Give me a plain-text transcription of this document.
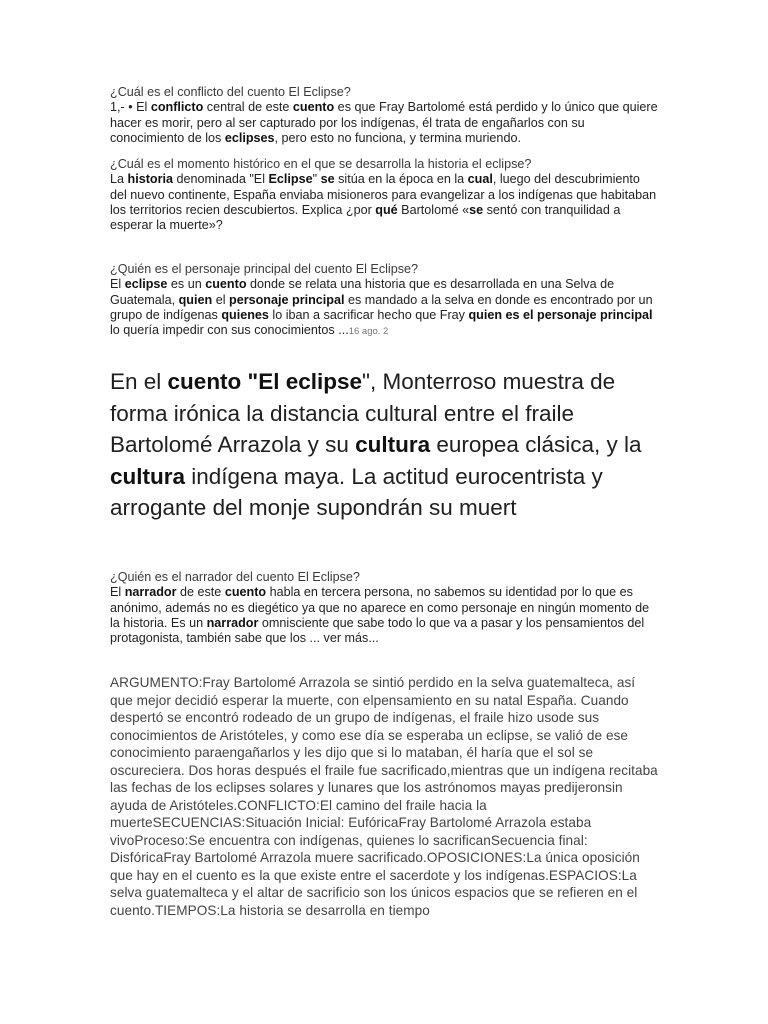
¿Cuál es el conflicto del cuento El Eclipse?
1,- • El conflicto central de este cuento es que Fray Bartolomé está perdido y lo único que quiere hacer es morir, pero al ser capturado por los indígenas, él trata de engañarlos con su conocimiento de los eclipses, pero esto no funciona, y termina muriendo.
¿Cuál es el momento histórico en el que se desarrolla la historia el eclipse?
La historia denominada "El Eclipse" se sitúa en la época en la cual, luego del descubrimiento del nuevo continente, España enviaba misioneros para evangelizar a los indígenas que habitaban los territorios recien descubiertos. Explica ¿por qué Bartolomé «se sentó con tranquilidad a esperar la muerte»?
¿Quién es el personaje principal del cuento El Eclipse?
El eclipse es un cuento donde se relata una historia que es desarrollada en una Selva de Guatemala, quien el personaje principal es mandado a la selva en donde es encontrado por un grupo de indígenas quienes lo iban a sacrificar hecho que Fray quien es el personaje principal lo quería impedir con sus conocimientos ...16 ago. 2
En el cuento "El eclipse", Monterroso muestra de forma irónica la distancia cultural entre el fraile Bartolomé Arrazola y su cultura europea clásica, y la cultura indígena maya. La actitud eurocentrista y arrogante del monje supondrán su muert
¿Quién es el narrador del cuento El Eclipse?
El narrador de este cuento habla en tercera persona, no sabemos su identidad por lo que es anónimo, además no es diegético ya que no aparece en como personaje en ningún momento de la historia. Es un narrador omnisciente que sabe todo lo que va a pasar y los pensamientos del protagonista, también sabe que los ... ver más...
ARGUMENTO:Fray Bartolomé Arrazola se sintió perdido en la selva guatemalteca, así que mejor decidió esperar la muerte, con elpensamiento en su natal España. Cuando despertó se encontró rodeado de un grupo de indígenas, el fraile hizo usode sus conocimientos de Aristóteles, y como ese día se esperaba un eclipse, se valió de ese conocimiento paraengañarlos y les dijo que si lo mataban, él haría que el sol se oscureciera. Dos horas después el fraile fue sacrificado,mientras que un indígena recitaba las fechas de los eclipses solares y lunares que los astrónomos mayas predijeronsin ayuda de Aristóteles.CONFLICTO:El camino del fraile hacia la muerteSECUENCIAS:Situación Inicial: EufóricaFray Bartolomé Arrazola estaba vivoProceso:Se encuentra con indígenas, quienes lo sacrificanSecuencia final: DisfóricaFray Bartolomé Arrazola muere sacrificado.OPOSICIONES:La única oposición que hay en el cuento es la que existe entre el sacerdote y los indígenas.ESPACIOS:La selva guatemalteca y el altar de sacrificio son los únicos espacios que se refieren en el cuento.TIEMPOS:La historia se desarrolla en tiempo
